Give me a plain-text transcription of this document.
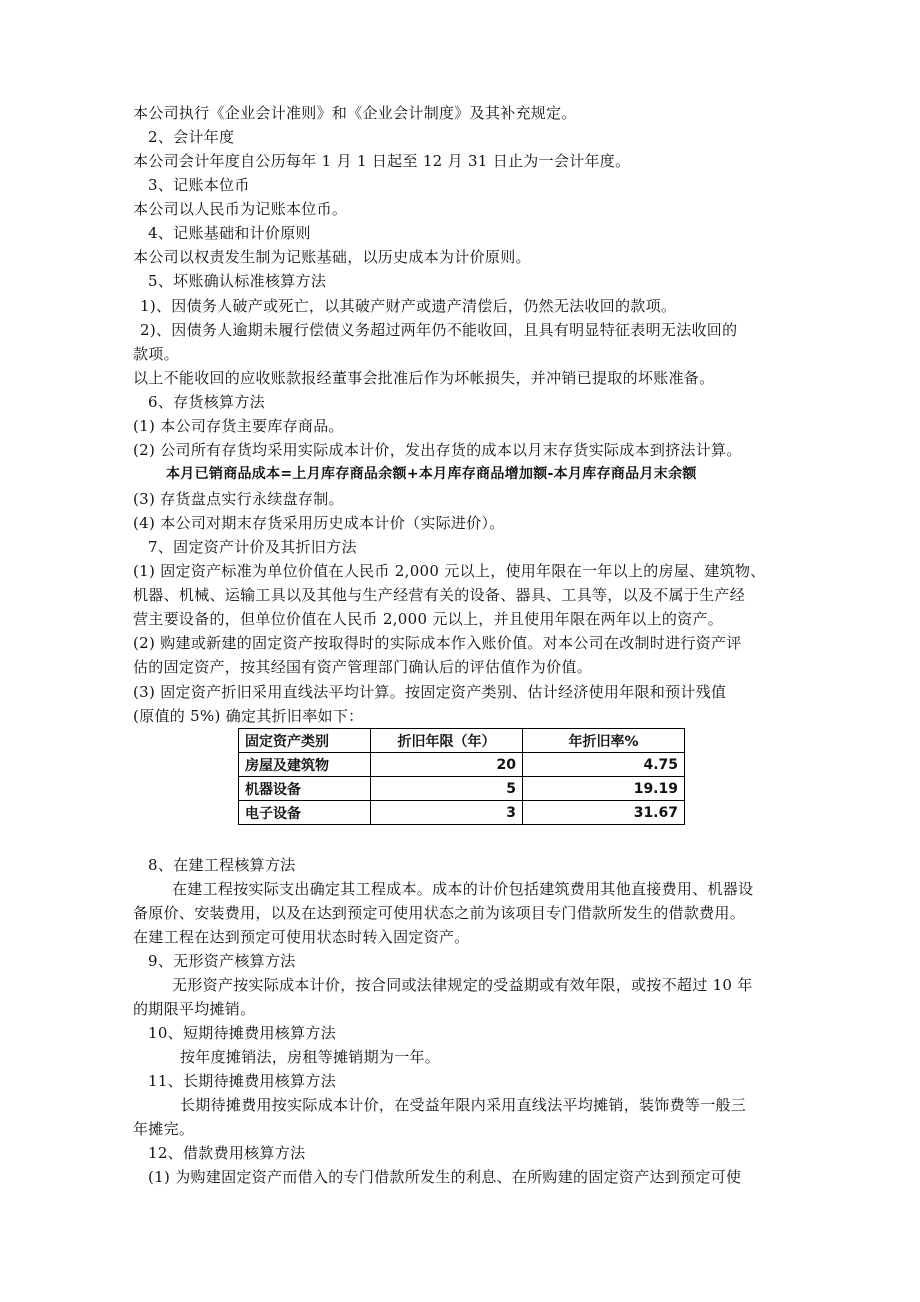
本公司执行《企业会计准则》和《企业会计制度》及其补充规定。
2、会计年度
本公司会计年度自公历每年 1 月 1 日起至 12 月 31 日止为一会计年度。
3、记账本位币
本公司以人民币为记账本位币。
4、记账基础和计价原则
本公司以权责发生制为记账基础，以历史成本为计价原则。
5、坏账确认标准核算方法
1)、因债务人破产或死亡，以其破产财产或遗产清偿后，仍然无法收回的款项。
2)、因债务人逾期未履行偿债义务超过两年仍不能收回，且具有明显特征表明无法收回的
款项。
以上不能收回的应收账款报经董事会批准后作为坏帐损失，并冲销已提取的坏账准备。
6、存货核算方法
(1) 本公司存货主要库存商品。
(2) 公司所有存货均采用实际成本计价，发出存货的成本以月末存货实际成本到挤法计算。
本月已销商品成本=上月库存商品余额+本月库存商品增加额-本月库存商品月末余额
(3) 存货盘点实行永续盘存制。
(4) 本公司对期末存货采用历史成本计价（实际进价）。
7、固定资产计价及其折旧方法
(1) 固定资产标准为单位价值在人民币 2,000 元以上，使用年限在一年以上的房屋、建筑物、
机器、机械、运输工具以及其他与生产经营有关的设备、器具、工具等，以及不属于生产经
营主要设备的，但单位价值在人民币 2,000 元以上，并且使用年限在两年以上的资产。
(2) 购建或新建的固定资产按取得时的实际成本作入账价值。对本公司在改制时进行资产评
估的固定资产，按其经国有资产管理部门确认后的评估值作为价值。
(3) 固定资产折旧采用直线法平均计算。按固定资产类别、估计经济使用年限和预计残值
(原值的 5%) 确定其折旧率如下：
固定资产类别	折旧年限（年）	年折旧率%
房屋及建筑物	20	4.75
机器设备	5	19.19
电子设备	3	31.67
8、在建工程核算方法
在建工程按实际支出确定其工程成本。成本的计价包括建筑费用其他直接费用、机器设
备原价、安装费用，以及在达到预定可使用状态之前为该项目专门借款所发生的借款费用。
在建工程在达到预定可使用状态时转入固定资产。
9、无形资产核算方法
无形资产按实际成本计价，按合同或法律规定的受益期或有效年限，或按不超过 10 年
的期限平均摊销。
10、短期待摊费用核算方法
按年度摊销法，房租等摊销期为一年。
11、长期待摊费用核算方法
长期待摊费用按实际成本计价，在受益年限内采用直线法平均摊销，装饰费等一般三
年摊完。
12、借款费用核算方法
(1) 为购建固定资产而借入的专门借款所发生的利息、在所购建的固定资产达到预定可使
